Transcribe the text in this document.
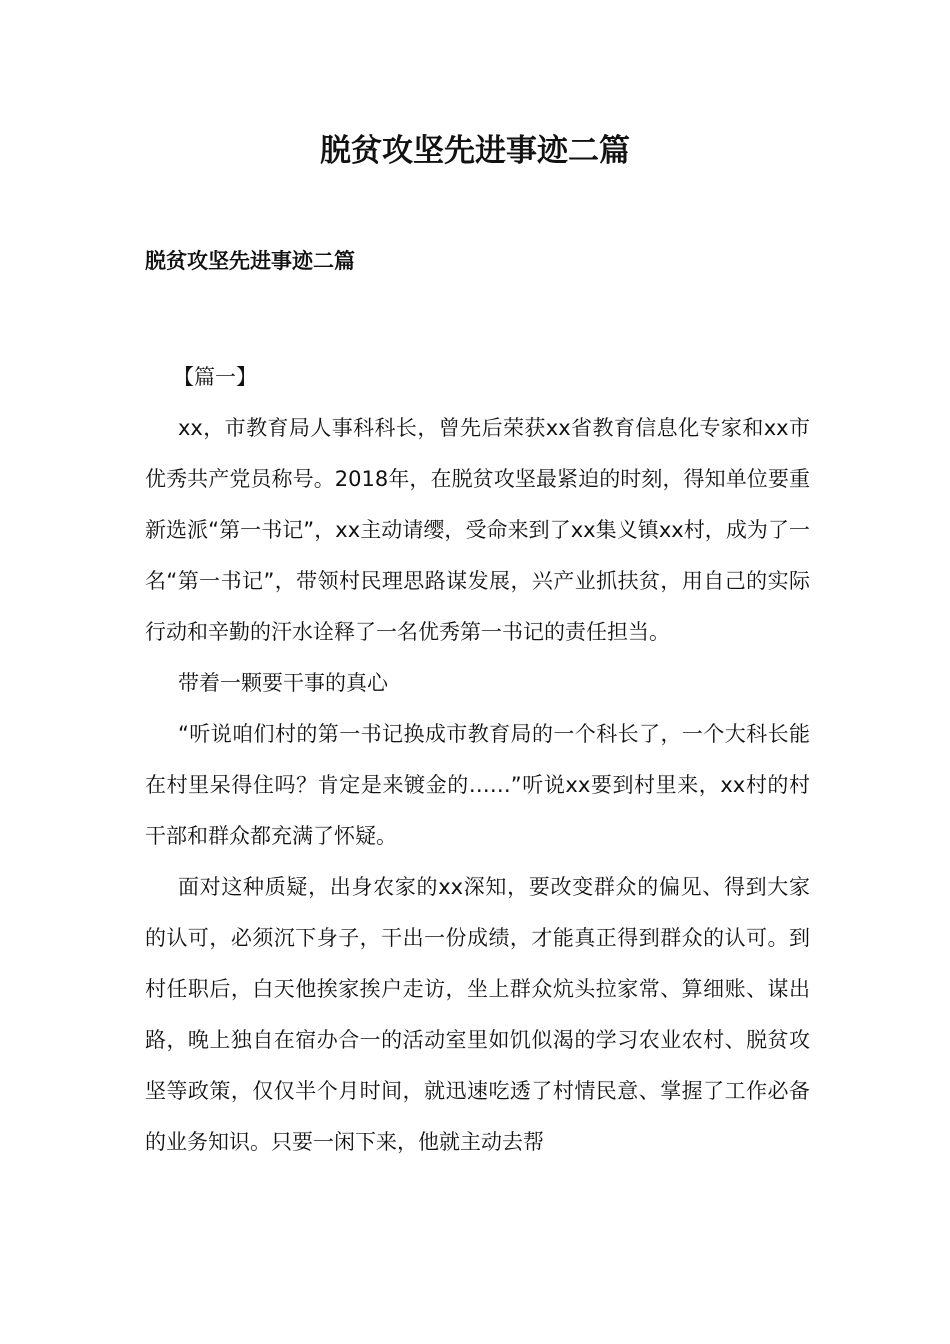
脱贫攻坚先进事迹二篇
脱贫攻坚先进事迹二篇

【篇一】

xx，市教育局人事科科长，曾先后荣获xx省教育信息化专家和xx市优秀共产党员称号。2018年，在脱贫攻坚最紧迫的时刻，得知单位要重新选派“第一书记”，xx主动请缨，受命来到了xx集义镇xx村，成为了一名“第一书记”，带领村民理思路谋发展，兴产业抓扶贫，用自己的实际行动和辛勤的汗水诠释了一名优秀第一书记的责任担当。

带着一颗要干事的真心

“听说咱们村的第一书记换成市教育局的一个科长了，一个大科长能在村里呆得住吗？肯定是来镀金的……”听说xx要到村里来，xx村的村干部和群众都充满了怀疑。

面对这种质疑，出身农家的xx深知，要改变群众的偏见、得到大家的认可，必须沉下身子，干出一份成绩，才能真正得到群众的认可。到村任职后，白天他挨家挨户走访，坐上群众炕头拉家常、算细账、谋出路，晚上独自在宿办合一的活动室里如饥似渴的学习农业农村、脱贫攻坚等政策，仅仅半个月时间，就迅速吃透了村情民意、掌握了工作必备的业务知识。只要一闲下来，他就主动去帮
